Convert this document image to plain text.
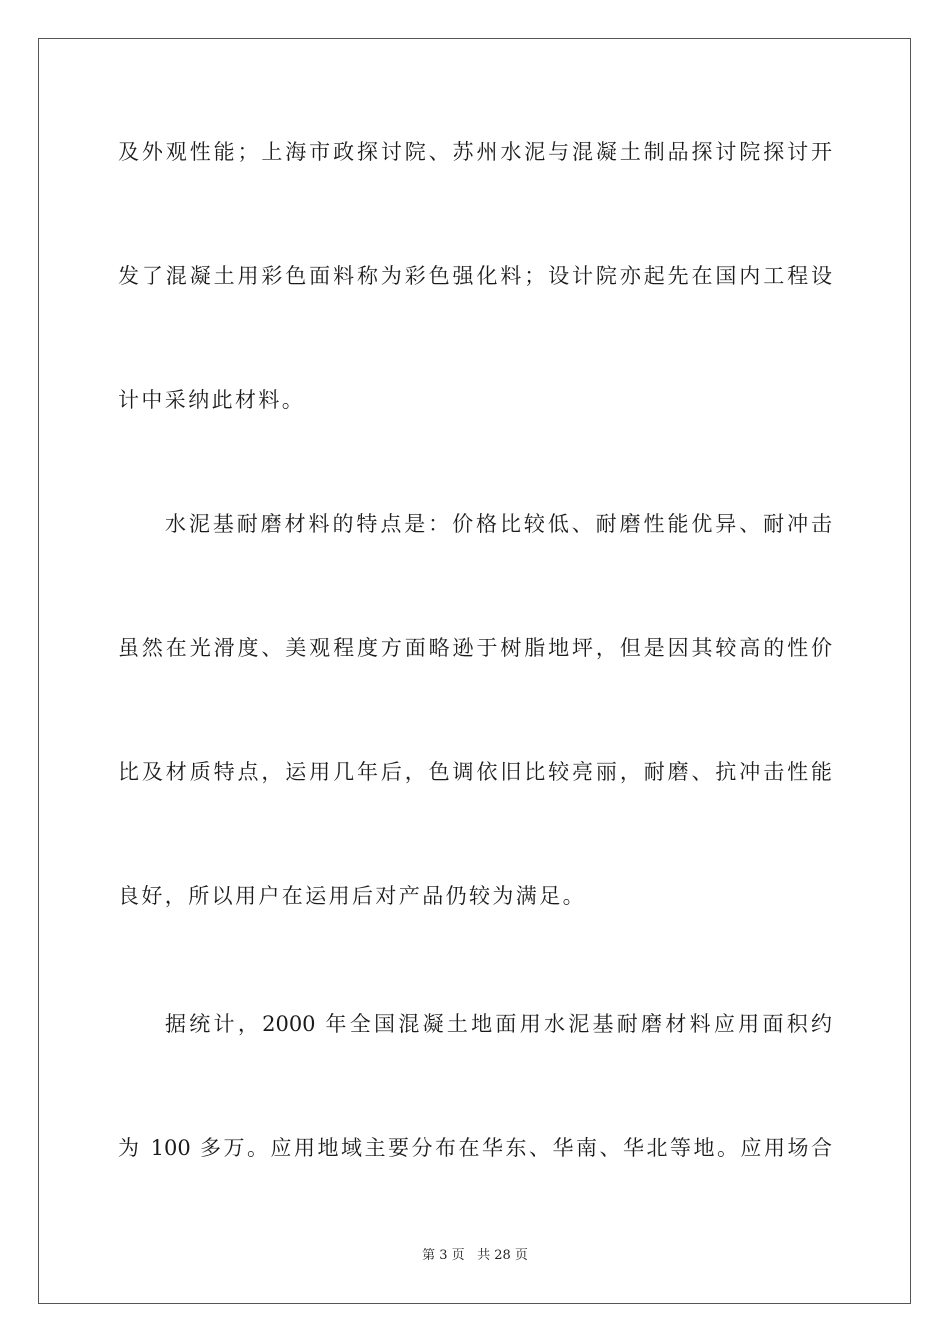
及外观性能；上海市政探讨院、苏州水泥与混凝土制品探讨院探讨开
发了混凝土用彩色面料称为彩色强化料；设计院亦起先在国内工程设
计中采纳此材料。
水泥基耐磨材料的特点是：价格比较低、耐磨性能优异、耐冲击
虽然在光滑度、美观程度方面略逊于树脂地坪，但是因其较高的性价
比及材质特点，运用几年后，色调依旧比较亮丽，耐磨、抗冲击性能
良好，所以用户在运用后对产品仍较为满足。
据统计，2000 年全国混凝土地面用水泥基耐磨材料应用面积约
为 100 多万。应用地域主要分布在华东、华南、华北等地。应用场合
第 3 页 共 28 页
